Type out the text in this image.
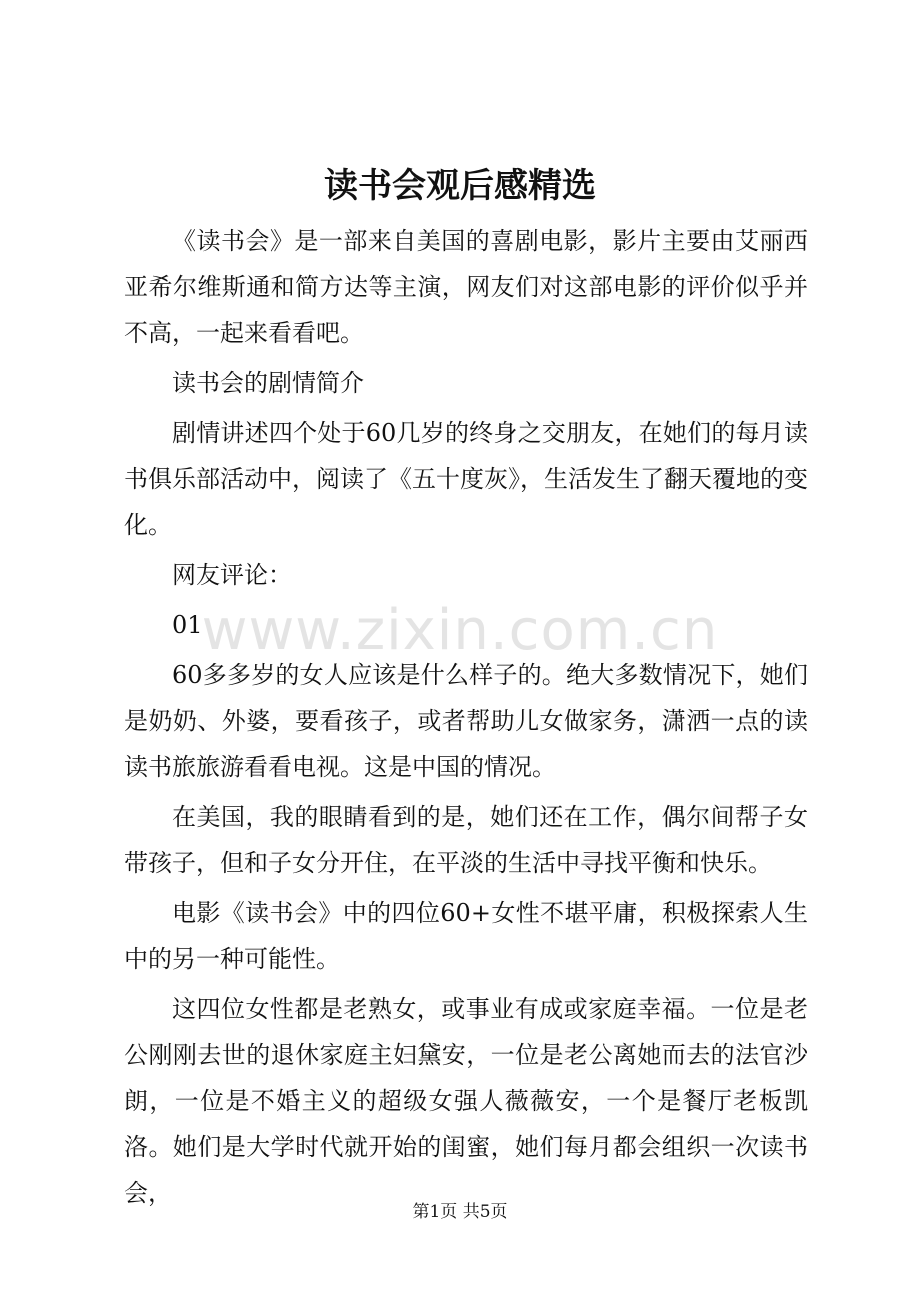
读书会观后感精选
www.zixin.com.cn

《读书会》是一部来自美国的喜剧电影，影片主要由艾丽西亚希尔维斯通和简方达等主演，网友们对这部电影的评价似乎并不高，一起来看看吧。

读书会的剧情简介

剧情讲述四个处于60几岁的终身之交朋友，在她们的每月读书俱乐部活动中，阅读了《五十度灰》，生活发生了翻天覆地的变化。

网友评论：

01

60多多岁的女人应该是什么样子的。绝大多数情况下，她们是奶奶、外婆，要看孩子，或者帮助儿女做家务，潇洒一点的读读书旅旅游看看电视。这是中国的情况。

在美国，我的眼睛看到的是，她们还在工作，偶尔间帮子女带孩子，但和子女分开住，在平淡的生活中寻找平衡和快乐。

电影《读书会》中的四位60+女性不堪平庸，积极探索人生中的另一种可能性。

这四位女性都是老熟女，或事业有成或家庭幸福。一位是老公刚刚去世的退休家庭主妇黛安，一位是老公离她而去的法官沙朗，一位是不婚主义的超级女强人薇薇安，一个是餐厅老板凯洛。她们是大学时代就开始的闺蜜，她们每月都会组织一次读书会，

第1页 共5页
